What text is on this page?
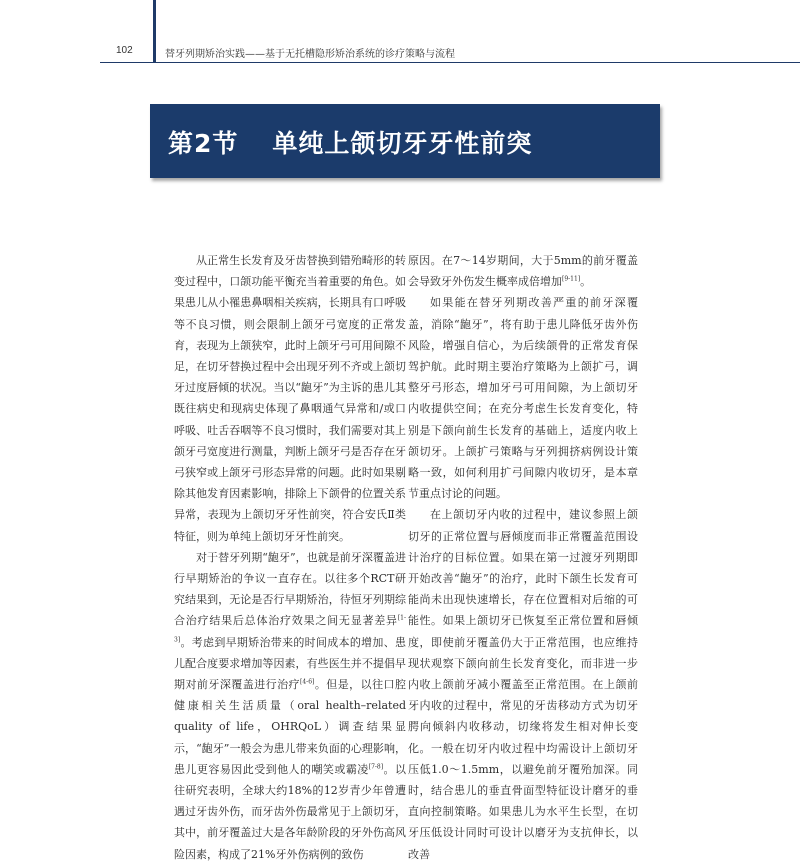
102	替牙列期矫治实践——基于无托槽隐形矫治系统的诊疗策略与流程
第2节 单纯上颌切牙牙性前突

从正常生长发育及牙齿替换到错殆畸形的转变过程中，口颌功能平衡充当着重要的角色。如果患儿从小罹患鼻咽相关疾病，长期具有口呼吸等不良习惯，则会限制上颌牙弓宽度的正常发育，表现为上颌狭窄，此时上颌牙弓可用间隙不足，在切牙替换过程中会出现牙列不齐或上颌切牙过度唇倾的状况。当以“龅牙”为主诉的患儿其既往病史和现病史体现了鼻咽通气异常和/或口呼吸、吐舌吞咽等不良习惯时，我们需要对其上颌牙弓宽度进行测量，判断上颌牙弓是否存在牙弓狭窄或上颌牙弓形态异常的问题。此时如果剔除其他发育因素影响，排除上下颌骨的位置关系异常，表现为上颌切牙牙性前突，符合安氏Ⅱ类特征，则为单纯上颌切牙牙性前突。

对于替牙列期“龅牙”，也就是前牙深覆盖进行早期矫治的争议一直存在。以往多个RCT研究结果到，无论是否行早期矫治，待恒牙列期综合治疗结果后总体治疗效果之间无显著差异[1-3]。考虑到早期矫治带来的时间成本的增加、患儿配合度要求增加等因素，有些医生并不提倡早期对前牙深覆盖进行治疗[4-6]。但是，以往口腔健康相关生活质量（oral health–related quality of life，OHRQoL）调查结果显示，“龅牙”一般会为患儿带来负面的心理影响，患儿更容易因此受到他人的嘲笑或霸凌[7-8]。以往研究表明，全球大约18%的12岁青少年曾遭遇过牙齿外伤，而牙齿外伤最常见于上颌切牙，其中，前牙覆盖过大是各年龄阶段的牙外伤高风险因素，构成了21%牙外伤病例的致伤

原因。在7～14岁期间，大于5mm的前牙覆盖会导致牙外伤发生概率成倍增加[9-11]。

如果能在替牙列期改善严重的前牙深覆盖，消除“龅牙”，将有助于患儿降低牙齿外伤风险，增强自信心，为后续颌骨的正常发育保驾护航。此时期主要治疗策略为上颌扩弓，调整牙弓形态，增加牙弓可用间隙，为上颌切牙内收提供空间；在充分考虑生长发育变化，特别是下颌向前生长发育的基础上，适度内收上颌切牙。上颌扩弓策略与牙列拥挤病例设计策略一致，如何利用扩弓间隙内收切牙，是本章节重点讨论的问题。

在上颌切牙内收的过程中，建议参照上颌切牙的正常位置与唇倾度而非正常覆盖范围设计治疗的目标位置。如果在第一过渡牙列期即开始改善“龅牙”的治疗，此时下颌生长发育可能尚未出现快速增长，存在位置相对后缩的可能性。如果上颌切牙已恢复至正常位置和唇倾度，即使前牙覆盖仍大于正常范围，也应维持现状观察下颌向前生长发育变化，而非进一步内收上颌前牙减小覆盖至正常范围。在上颌前牙内收的过程中，常见的牙齿移动方式为切牙腭向倾斜内收移动，切缘将发生相对伸长变化。一般在切牙内收过程中均需设计上颌切牙压低1.0～1.5mm，以避免前牙覆殆加深。同时，结合患儿的垂直骨面型特征设计磨牙的垂直向控制策略。如果患儿为水平生长型，在切牙压低设计同时可设计以磨牙为支抗伸长，以改善
